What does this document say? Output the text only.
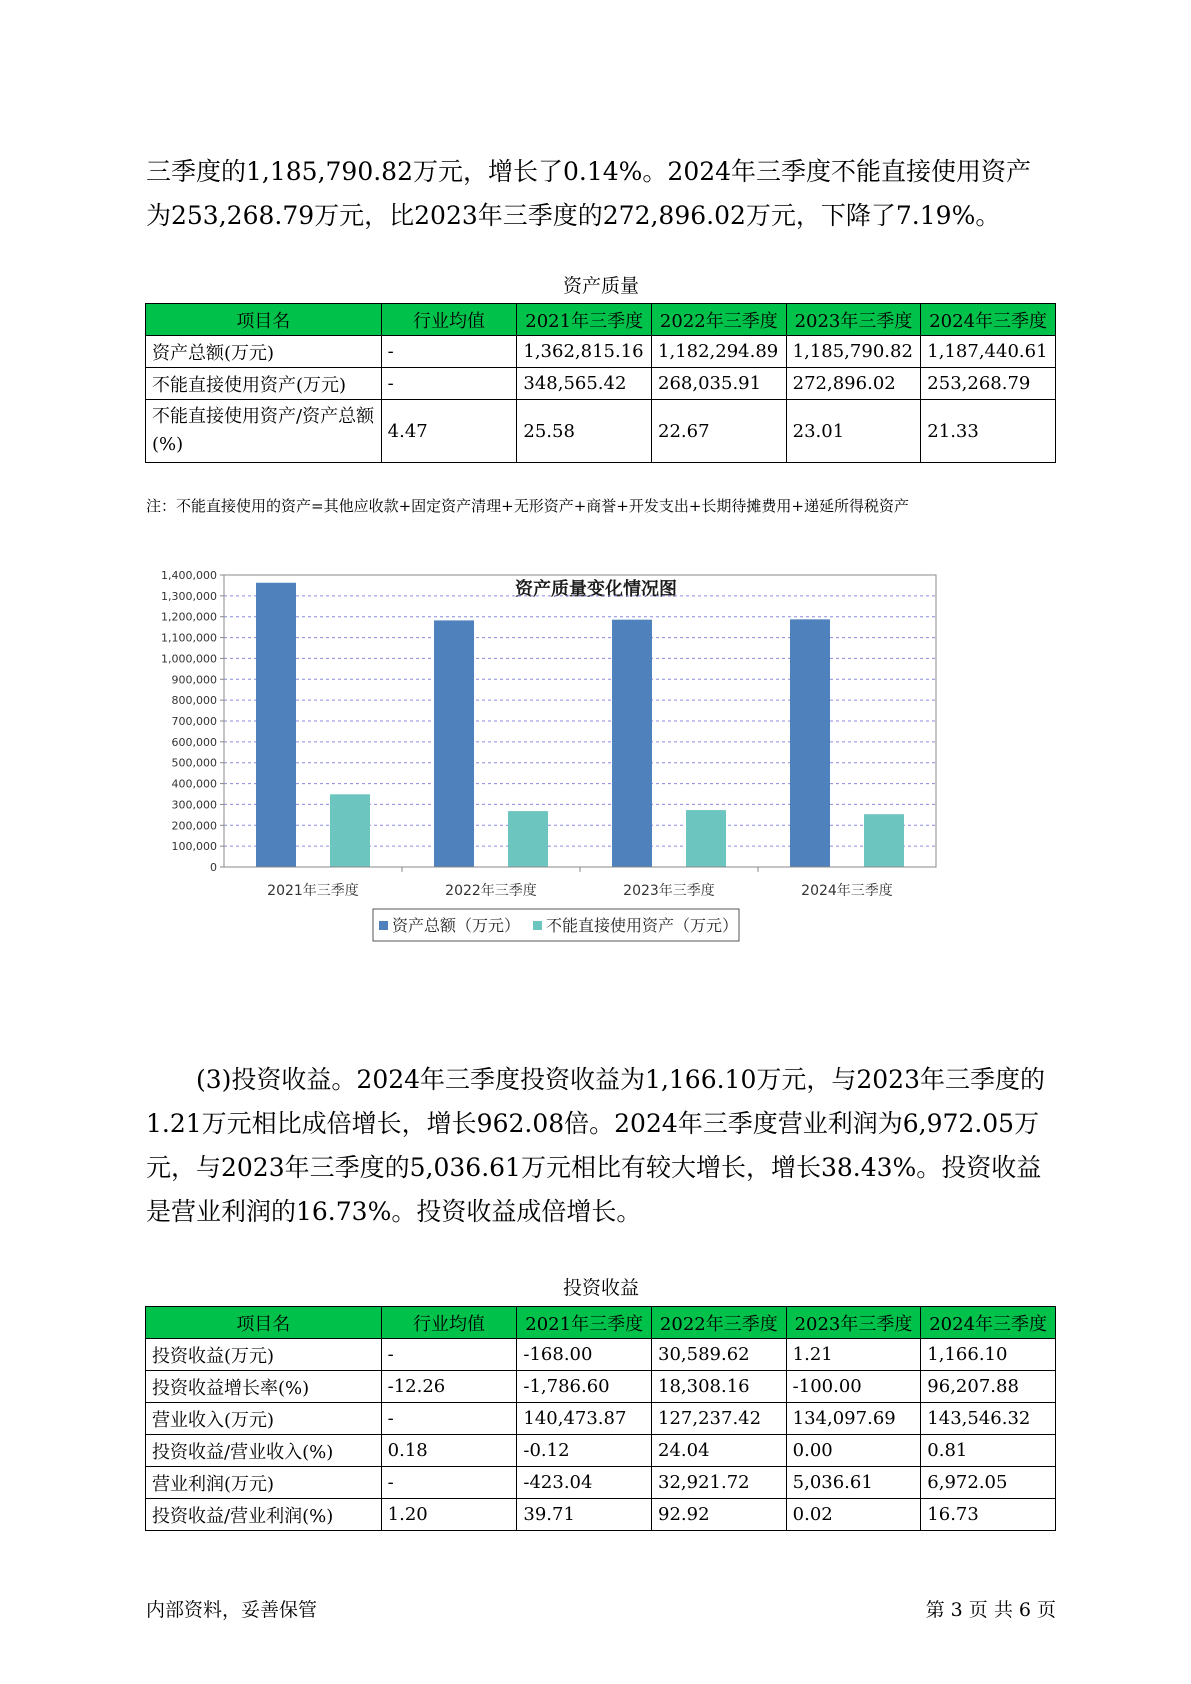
三季度的1,185,790.82万元，增长了0.14%。2024年三季度不能直接使用资产为253,268.79万元，比2023年三季度的272,896.02万元，下降了7.19%。

资产质量
项目名	行业均值	2021年三季度	2022年三季度	2023年三季度	2024年三季度
资产总额(万元)	-	1,362,815.16	1,182,294.89	1,185,790.82	1,187,440.61
不能直接使用资产(万元)	-	348,565.42	268,035.91	272,896.02	253,268.79
不能直接使用资产/资产总额(%)	4.47	25.58	22.67	23.01	21.33
注：不能直接使用的资产=其他应收款+固定资产清理+无形资产+商誉+开发支出+长期待摊费用+递延所得税资产
资产质量变化情况图
0
100,000
200,000
300,000
400,000
500,000
600,000
700,000
800,000
900,000
1,000,000
1,100,000
1,200,000
1,300,000
1,400,000
2021年三季度	2022年三季度	2023年三季度	2024年三季度
资产总额（万元） 不能直接使用资产（万元）

(3)投资收益。2024年三季度投资收益为1,166.10万元，与2023年三季度的1.21万元相比成倍增长，增长962.08倍。2024年三季度营业利润为6,972.05万元，与2023年三季度的5,036.61万元相比有较大增长，增长38.43%。投资收益是营业利润的16.73%。投资收益成倍增长。

投资收益
项目名	行业均值	2021年三季度	2022年三季度	2023年三季度	2024年三季度
投资收益(万元)	-	-168.00	30,589.62	1.21	1,166.10
投资收益增长率(%)	-12.26	-1,786.60	18,308.16	-100.00	96,207.88
营业收入(万元)	-	140,473.87	127,237.42	134,097.69	143,546.32
投资收益/营业收入(%)	0.18	-0.12	24.04	0.00	0.81
营业利润(万元)	-	-423.04	32,921.72	5,036.61	6,972.05
投资收益/营业利润(%)	1.20	39.71	92.92	0.02	16.73
内部资料，妥善保管	第 3 页 共 6 页
